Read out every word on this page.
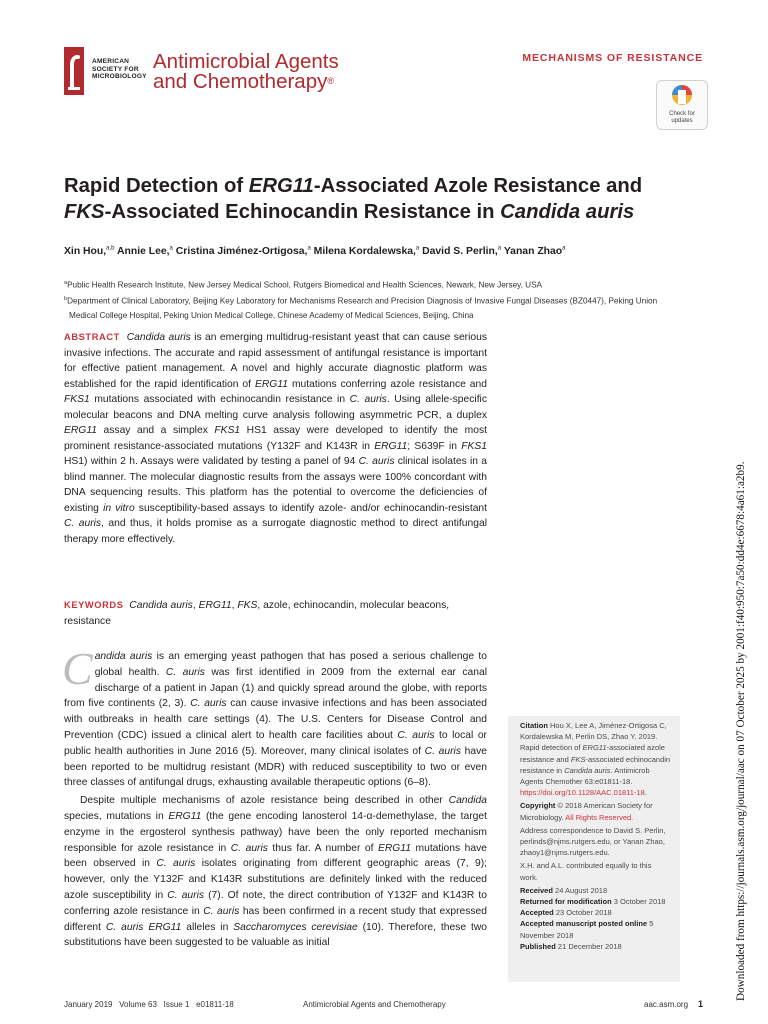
AMERICAN
SOCIETY FOR
MICROBIOLOGY
Antimicrobial Agents
and Chemotherapy®
MECHANISMS OF RESISTANCE
Check for
updates
Rapid Detection of ERG11-Associated Azole Resistance and
FKS-Associated Echinocandin Resistance in Candida auris
Xin Hou,$^{a,b}$ Annie Lee,$^a$ Cristina Jiménez-Ortigosa,$^a$ Milena Kordalewska,$^a$ David S. Perlin,$^a$ Yanan Zhao$^a$
$^a$Public Health Research Institute, New Jersey Medical School, Rutgers Biomedical and Health Sciences, Newark, New Jersey, USA
$^b$Department of Clinical Laboratory, Beijing Key Laboratory for Mechanisms Research and Precision Diagnosis of Invasive Fungal Diseases (BZ0447), Peking Union
Medical College Hospital, Peking Union Medical College, Chinese Academy of Medical Sciences, Beijing, China
ABSTRACT Candida auris is an emerging multidrug-resistant yeast that can cause serious invasive infections. The accurate and rapid assessment of antifungal resistance is important for effective patient management. A novel and highly accurate diagnostic platform was established for the rapid identification of ERG11 mutations conferring azole resistance and FKS1 mutations associated with echinocandin resistance in C. auris. Using allele-specific molecular beacons and DNA melting curve analysis following asymmetric PCR, a duplex ERG11 assay and a simplex FKS1 HS1 assay were developed to identify the most prominent resistance-associated mutations (Y132F and K143R in ERG11; S639F in FKS1 HS1) within 2 h. Assays were validated by testing a panel of 94 C. auris clinical isolates in a blind manner. The molecular diagnostic results from the assays were 100% concordant with DNA sequencing results. This platform has the potential to overcome the deficiencies of existing in vitro susceptibility-based assays to identify azole- and/or echinocandin-resistant C. auris, and thus, it holds promise as a surrogate diagnostic method to direct antifungal therapy more effectively.
KEYWORDS Candida auris, ERG11, FKS, azole, echinocandin, molecular beacons, resistance

Candida auris is an emerging yeast pathogen that has posed a serious challenge to global health. C. auris was first identified in 2009 from the external ear canal discharge of a patient in Japan (1) and quickly spread around the globe, with reports from five continents (2, 3). C. auris can cause invasive infections and has been associated with outbreaks in health care settings (4). The U.S. Centers for Disease Control and Prevention (CDC) issued a clinical alert to health care facilities about C. auris to local or public health authorities in June 2016 (5). Moreover, many clinical isolates of C. auris have been reported to be multidrug resistant (MDR) with reduced susceptibility to two or even three classes of antifungal drugs, exhausting available therapeutic options (6–8).

Despite multiple mechanisms of azole resistance being described in other Candida species, mutations in ERG11 (the gene encoding lanosterol 14-α-demethylase, the target enzyme in the ergosterol synthesis pathway) have been the only reported mechanism responsible for azole resistance in C. auris thus far. A number of ERG11 mutations have been observed in C. auris isolates originating from different geographic areas (7, 9); however, only the Y132F and K143R substitutions are definitely linked with the reduced azole susceptibility in C. auris (7). Of note, the direct contribution of Y132F and K143R to conferring azole resistance in C. auris has been confirmed in a recent study that expressed different C. auris ERG11 alleles in Saccharomyces cerevisiae (10). Therefore, these two substitutions have been suggested to be valuable as initial

Citation Hou X, Lee A, Jiménez-Ortigosa C, Kordalewska M, Perlin DS, Zhao Y. 2019. Rapid detection of ERG11-associated azole resistance and FKS-associated echinocandin resistance in Candida auris. Antimicrob Agents Chemother 63:e01811-18. https://doi.org/10.1128/AAC.01811-18.
Copyright © 2018 American Society for Microbiology. All Rights Reserved.
Address correspondence to David S. Perlin, perlinds@njms.rutgers.edu, or Yanan Zhao, zhaoy1@njms.rutgers.edu.
X.H. and A.L. contributed equally to this work.
Received 24 August 2018
Returned for modification 3 October 2018
Accepted 23 October 2018
Accepted manuscript posted online 5 November 2018
Published 21 December 2018
January 2019   Volume 63   Issue 1   e01811-18	Antimicrobial Agents and Chemotherapy	aac.asm.org 1
Downloaded from https://journals.asm.org/journal/aac on 07 October 2025 by 2001:f40:950:7a50:dd4e:6678:4a61:a2b9.
